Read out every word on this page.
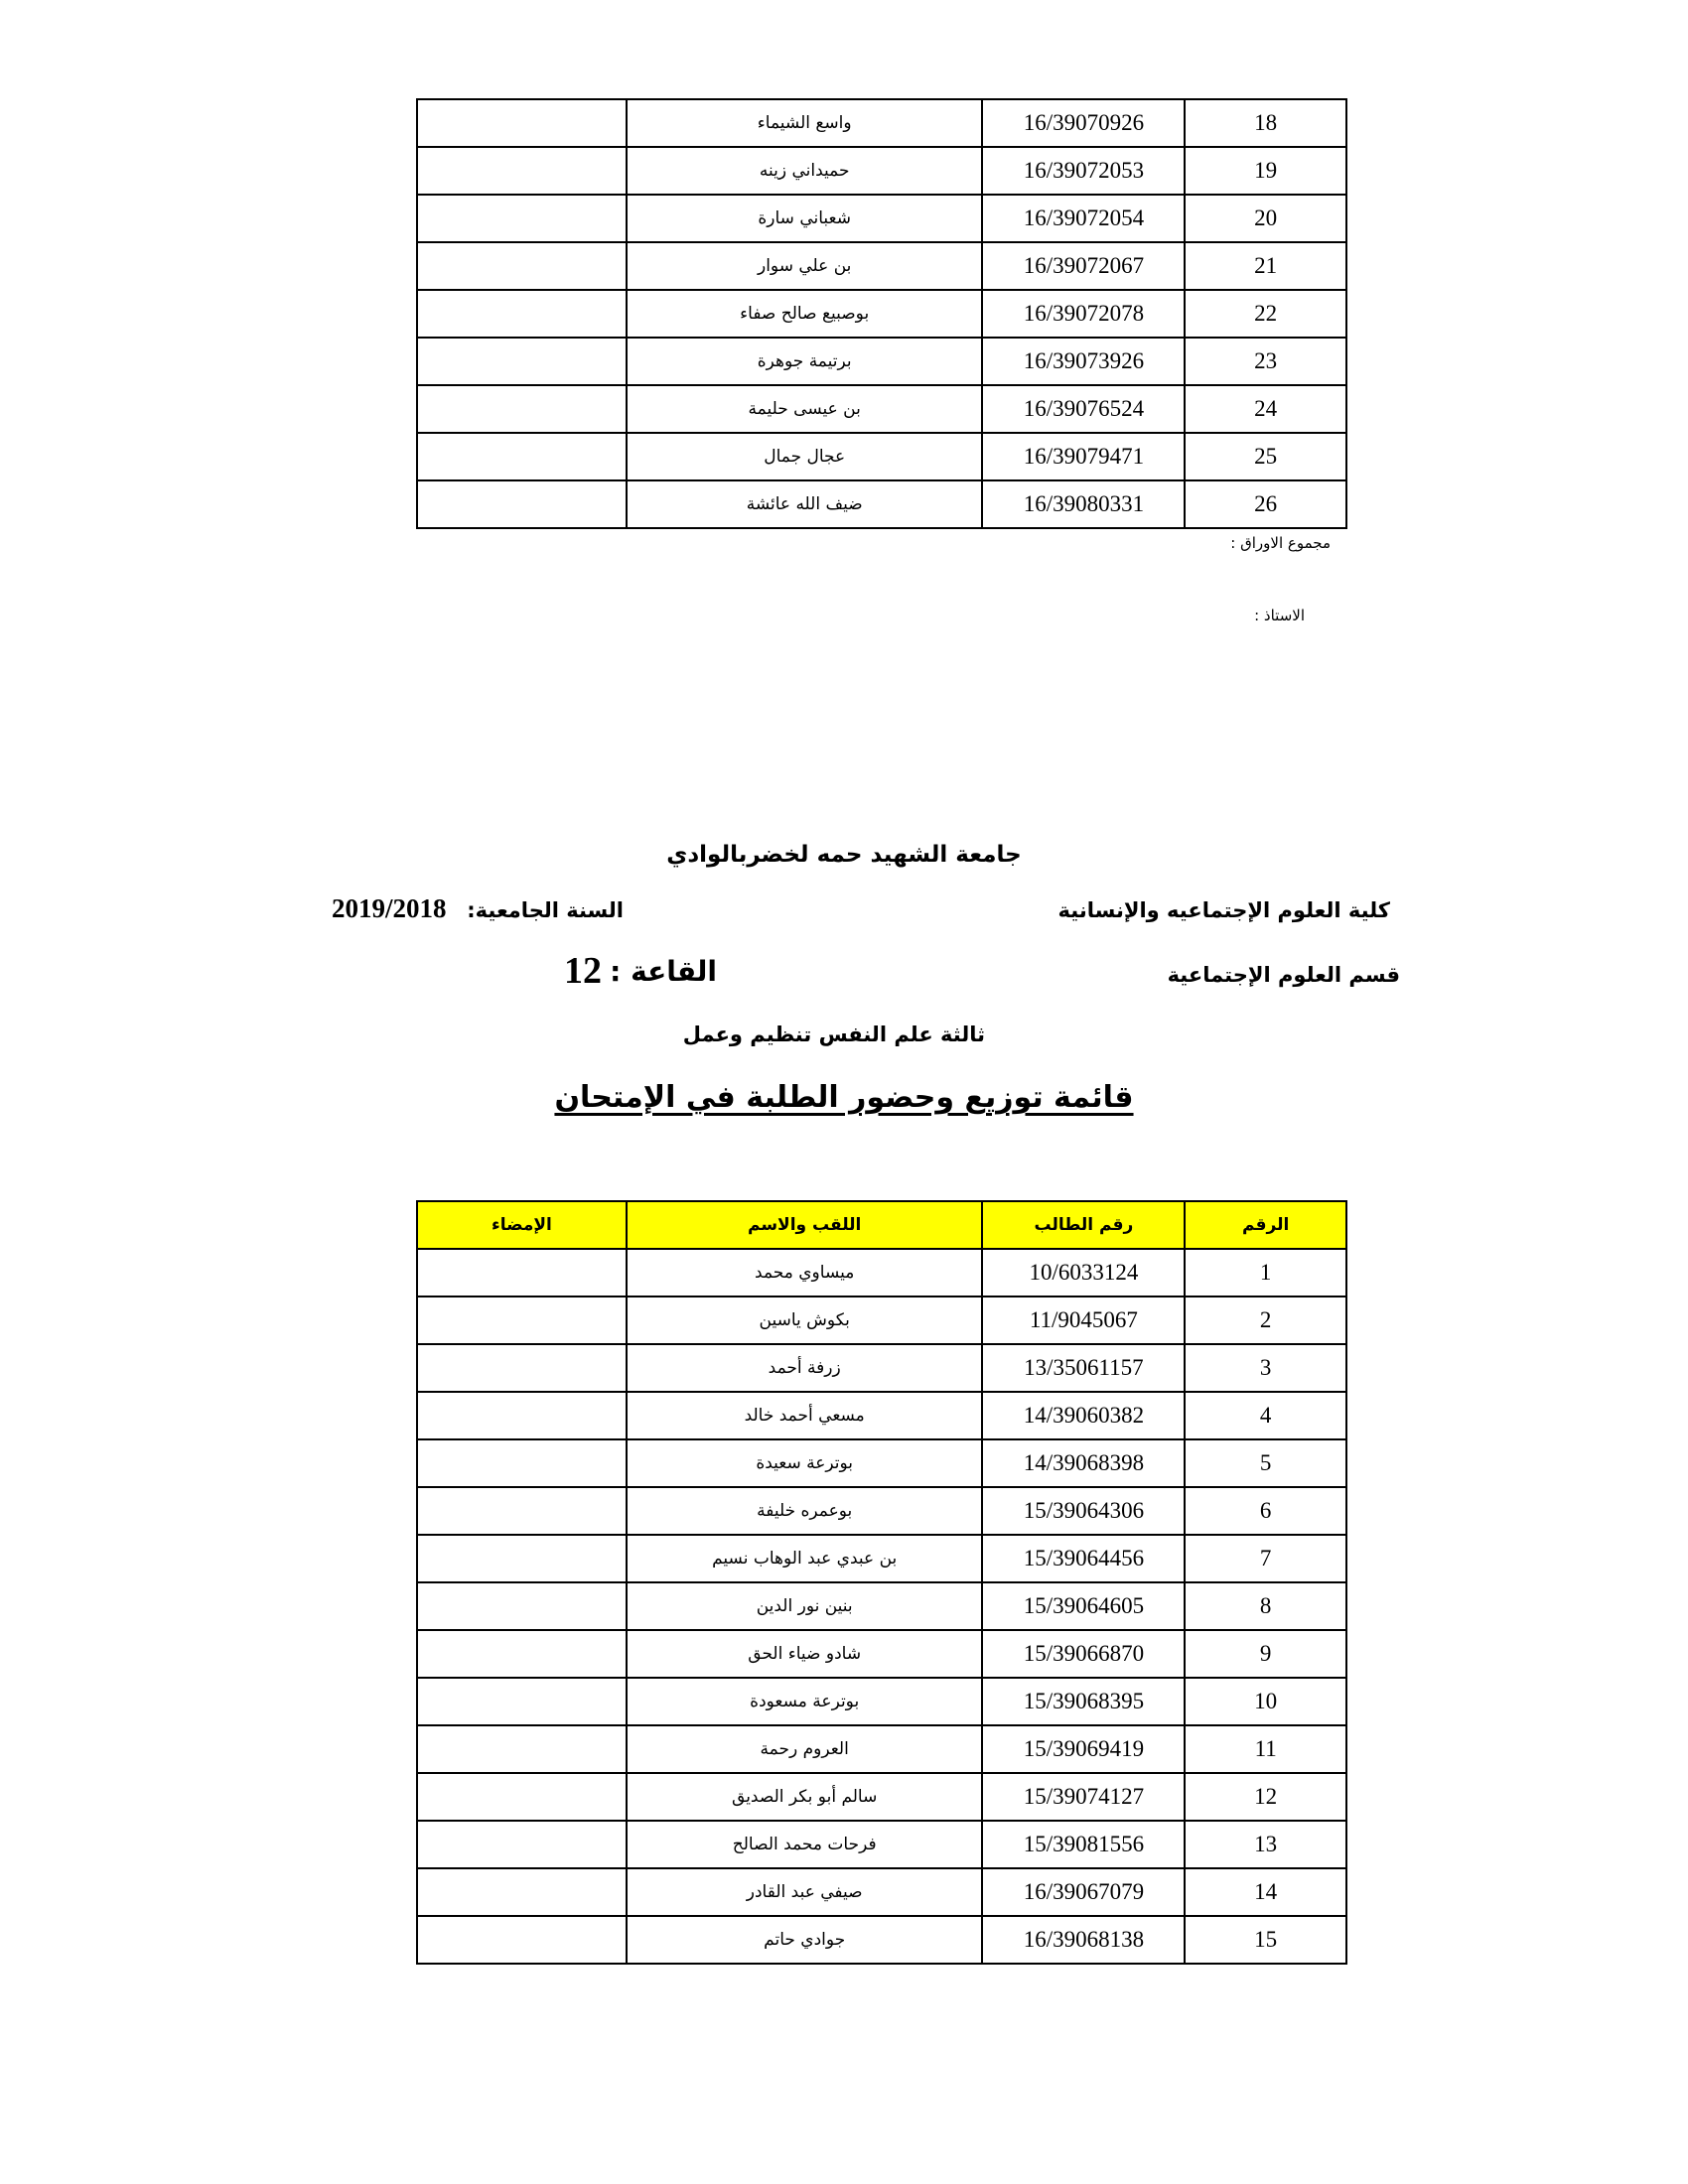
18	16/39070926	واسع الشيماء	
19	16/39072053	حميداني زينه	
20	16/39072054	شعباني سارة	
21	16/39072067	بن علي سوار	
22	16/39072078	بوصبيع صالح صفاء	
23	16/39073926	برتيمة جوهرة	
24	16/39076524	بن عيسى حليمة	
25	16/39079471	عجال جمال	
26	16/39080331	ضيف الله عائشة	
مجموع الاوراق :
الاستاذ :
جامعة الشهيد حمه لخضربالوادي
كلية العلوم الإجتماعيه والإنسانية
السنة الجامعية:
2019/2018
قسم العلوم الإجتماعية
القاعة :
12
ثالثة علم النفس تنظيم وعمل
قائمة توزيع وحضور الطلبة في الإمتحان
الرقم	رقم الطالب	اللقب والاسم	الإمضاء
1	10/6033124	ميساوي محمد	
2	11/9045067	بكوش ياسين	
3	13/35061157	زرفة أحمد	
4	14/39060382	مسعي أحمد خالد	
5	14/39068398	بوترعة سعيدة	
6	15/39064306	بوعمره خليفة	
7	15/39064456	بن عبدي عبد الوهاب نسيم	
8	15/39064605	بنين نور الدين	
9	15/39066870	شادو ضياء الحق	
10	15/39068395	بوترعة مسعودة	
11	15/39069419	العروم رحمة	
12	15/39074127	سالم أبو بكر الصديق	
13	15/39081556	فرحات محمد الصالح	
14	16/39067079	صيفي عبد القادر	
15	16/39068138	جوادي حاتم	
